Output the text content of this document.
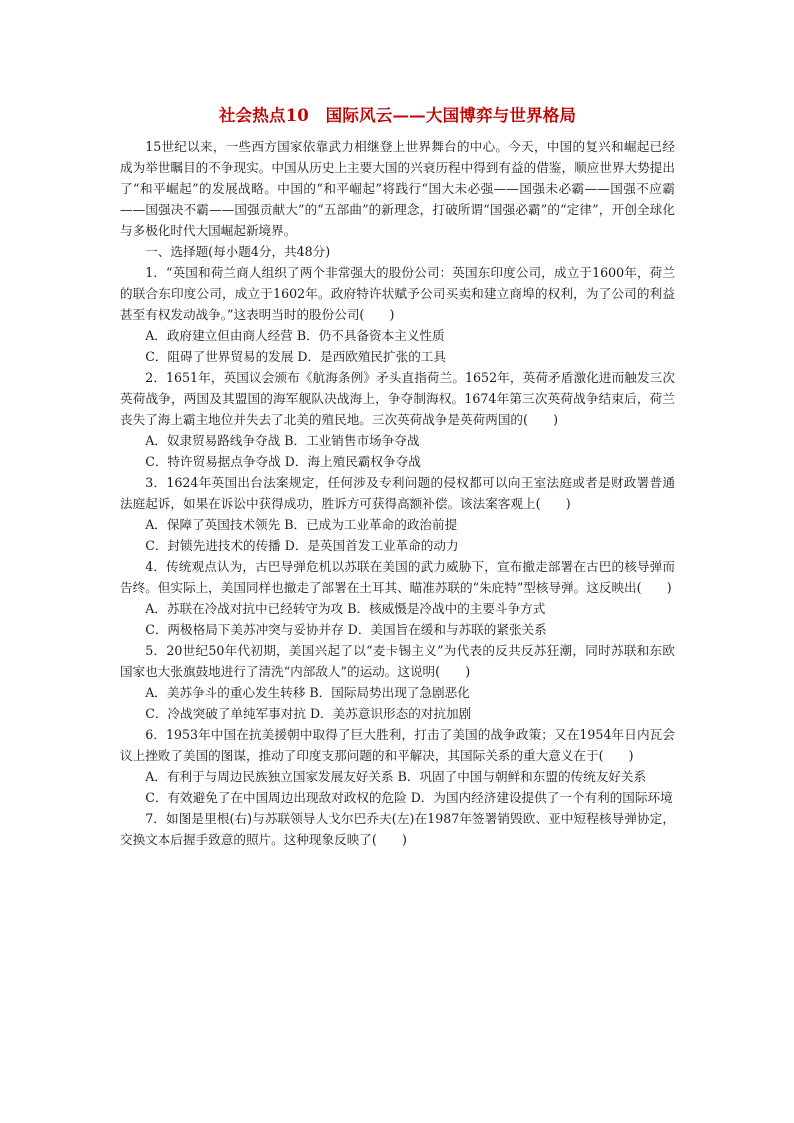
社会热点10　国际风云——大国博弈与世界格局

15世纪以来，一些西方国家依靠武力相继登上世界舞台的中心。今天，中国的复兴和崛起已经成为举世瞩目的不争现实。中国从历史上主要大国的兴衰历程中得到有益的借鉴，顺应世界大势提出了“和平崛起”的发展战略。中国的“和平崛起”将践行“国大未必强——国强未必霸——国强不应霸——国强决不霸——国强贡献大”的“五部曲”的新理念，打破所谓“国强必霸”的“定律”，开创全球化与多极化时代大国崛起新境界。

一、选择题(每小题4分，共48分)

1．“英国和荷兰商人组织了两个非常强大的股份公司：英国东印度公司，成立于1600年，荷兰的联合东印度公司，成立于1602年。政府特许状赋予公司买卖和建立商埠的权利，为了公司的利益甚至有权发动战争。”这表明当时的股份公司(　　)

A．政府建立但由商人经营 B．仍不具备资本主义性质

C．阻碍了世界贸易的发展 D．是西欧殖民扩张的工具

2．1651年，英国议会颁布《航海条例》矛头直指荷兰。1652年，英荷矛盾激化进而触发三次英荷战争，两国及其盟国的海军舰队决战海上，争夺制海权。1674年第三次英荷战争结束后，荷兰丧失了海上霸主地位并失去了北美的殖民地。三次英荷战争是英荷两国的(　　)

A．奴隶贸易路线争夺战 B．工业销售市场争夺战

C．特许贸易据点争夺战 D．海上殖民霸权争夺战

3．1624年英国出台法案规定，任何涉及专利问题的侵权都可以向王室法庭或者是财政署普通法庭起诉，如果在诉讼中获得成功，胜诉方可获得高额补偿。该法案客观上(　　)

A．保障了英国技术领先 B．已成为工业革命的政治前提

C．封锁先进技术的传播 D．是英国首发工业革命的动力

4．传统观点认为，古巴导弹危机以苏联在美国的武力威胁下，宣布撤走部署在古巴的核导弹而告终。但实际上，美国同样也撤走了部署在土耳其、瞄准苏联的“朱庇特”型核导弹。这反映出(　　)

A．苏联在冷战对抗中已经转守为攻 B．核威慑是冷战中的主要斗争方式

C．两极格局下美苏冲突与妥协并存 D．美国旨在缓和与苏联的紧张关系

5．20世纪50年代初期，美国兴起了以“麦卡锡主义”为代表的反共反苏狂潮，同时苏联和东欧国家也大张旗鼓地进行了清洗“内部敌人”的运动。这说明(　　)

A．美苏争斗的重心发生转移 B．国际局势出现了急剧恶化

C．冷战突破了单纯军事对抗 D．美苏意识形态的对抗加剧

6．1953年中国在抗美援朝中取得了巨大胜利，打击了美国的战争政策；又在1954年日内瓦会议上挫败了美国的图谋，推动了印度支那问题的和平解决，其国际关系的重大意义在于(　　)

A．有利于与周边民族独立国家发展友好关系 B．巩固了中国与朝鲜和东盟的传统友好关系

C．有效避免了在中国周边出现敌对政权的危险 D．为国内经济建设提供了一个有利的国际环境

7．如图是里根(右)与苏联领导人戈尔巴乔夫(左)在1987年签署销毁欧、亚中短程核导弹协定，交换文本后握手致意的照片。这种现象反映了(　　)
